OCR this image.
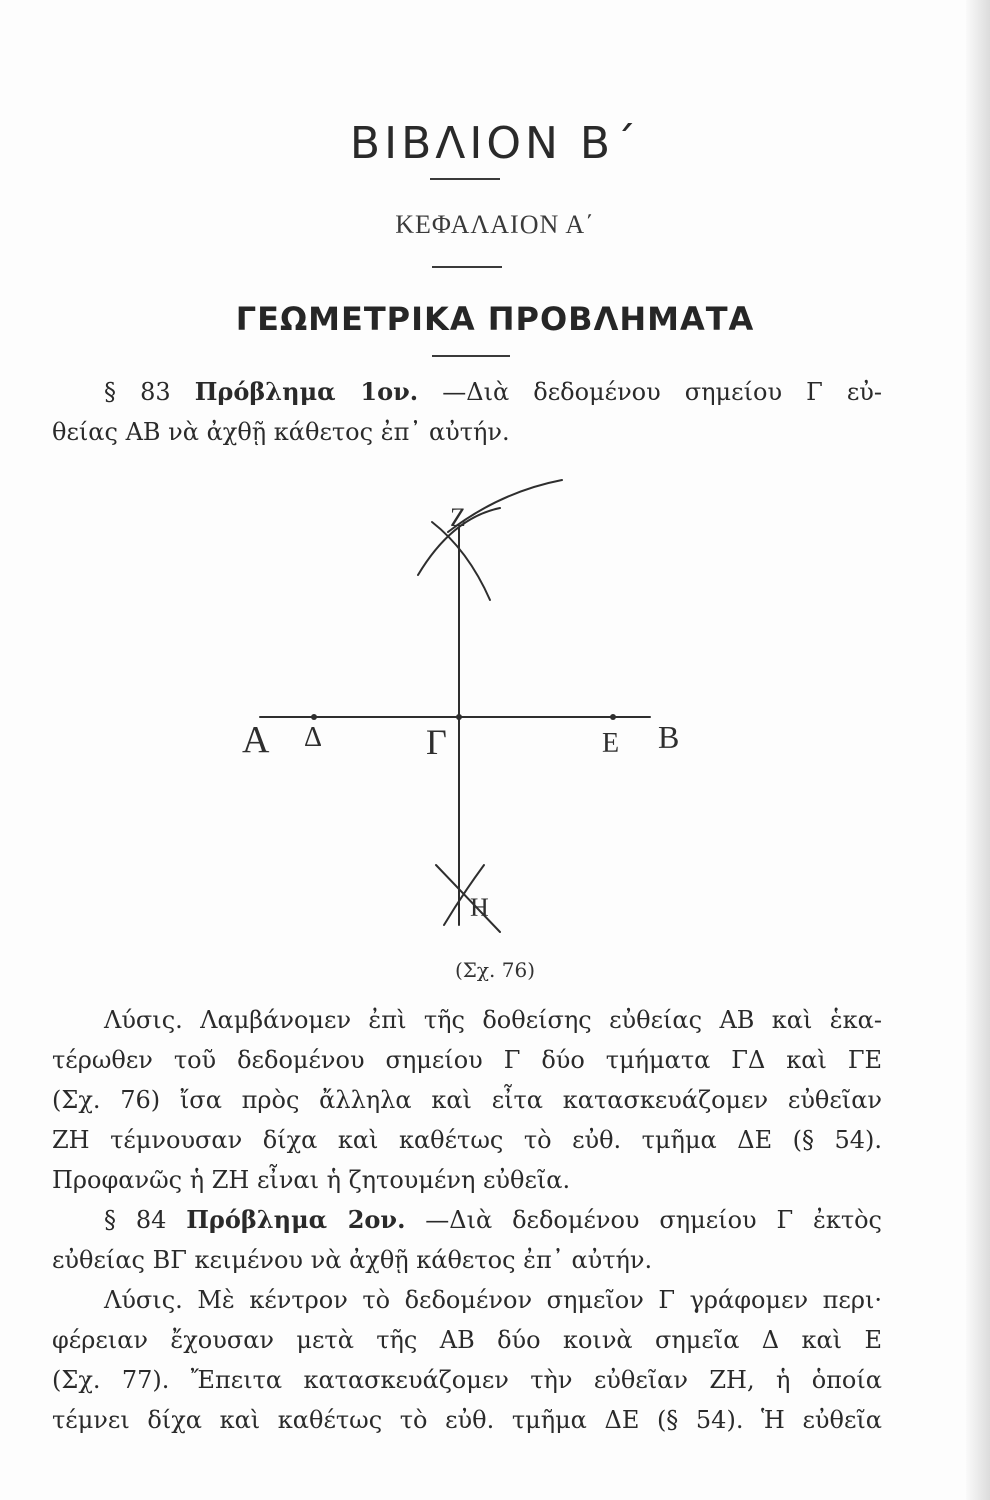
ΒΙΒΛΙΟΝ Β΄
ΚΕΦΑΛΑΙΟΝ Α΄
ΓΕΩΜΕΤΡΙΚΑ ΠΡΟΒΛΗΜΑΤΑ
§ 83 Πρόβλημα 1ον. —Διὰ δεδομένου σημείου Γ εὐ-
θείας ΑΒ νὰ ἀχθῇ κάθετος ἐπ᾿ αὐτήν.
Α Δ	Γ	Ε Β
Ζ
Η
(Σχ. 76)
Λύσις. Λαμβάνομεν ἐπὶ τῆς δοθείσης εὐθείας ΑΒ καὶ ἑκα-
τέρωθεν τοῦ δεδομένου σημείου Γ δύο τμήματα ΓΔ καὶ ΓΕ
(Σχ. 76) ἴσα πρὸς ἄλληλα καὶ εἶτα κατασκευάζομεν εὐθεῖαν
ΖΗ τέμνουσαν δίχα καὶ καθέτως τὸ εὐθ. τμῆμα ΔΕ (§ 54).
Προφανῶς ἡ ΖΗ εἶναι ἡ ζητουμένη εὐθεῖα.
§ 84 Πρόβλημα 2ον. —Διὰ δεδομένου σημείου Γ ἐκτὸς
εὐθείας ΒΓ κειμένου νὰ ἀχθῇ κάθετος ἐπ᾿ αὐτήν.
Λύσις. Μὲ κέντρον τὸ δεδομένον σημεῖον Γ γράφομεν περι·
φέρειαν ἔχουσαν μετὰ τῆς ΑΒ δύο κοινὰ σημεῖα Δ καὶ Ε
(Σχ. 77). Ἔπειτα κατασκευάζομεν τὴν εὐθεῖαν ΖΗ, ἡ ὁποία
τέμνει δίχα καὶ καθέτως τὸ εὐθ. τμῆμα ΔΕ (§ 54). Ἡ εὐθεῖα
